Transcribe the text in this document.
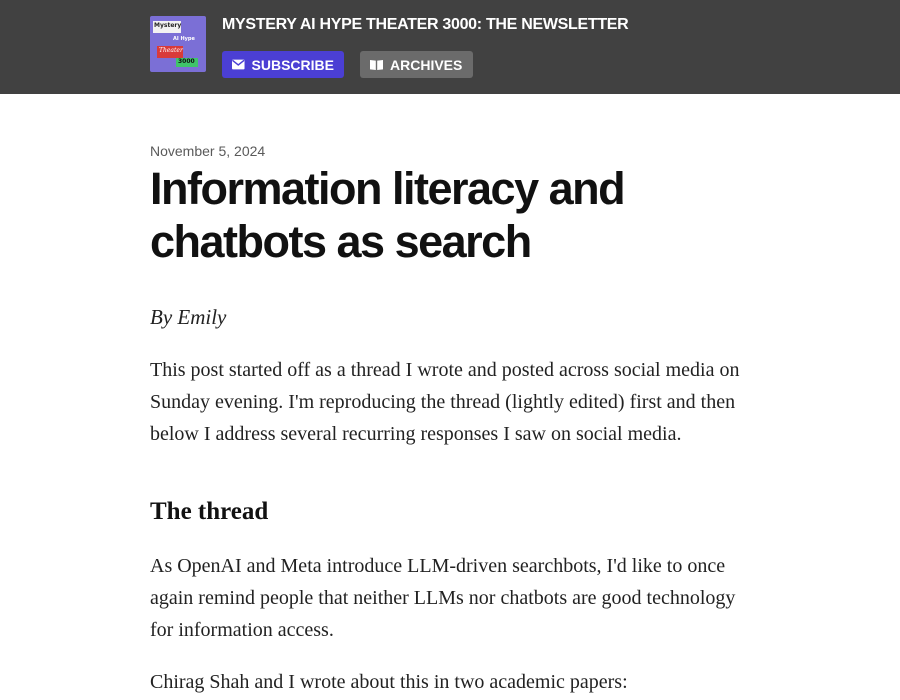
Mystery
AI Hype
Theater
3000
MYSTERY AI HYPE THEATER 3000: THE NEWSLETTER
SUBSCRIBE	ARCHIVES
November 5, 2024
Information literacy and chatbots as search
By Emily

This post started off as a thread I wrote and posted across social media on Sunday evening. I'm reproducing the thread (lightly edited) first and then below I address several recurring responses I saw on social media.

The thread

As OpenAI and Meta introduce LLM-driven searchbots, I'd like to once again remind people that neither LLMs nor chatbots are good technology for information access.

Chirag Shah and I wrote about this in two academic papers:
